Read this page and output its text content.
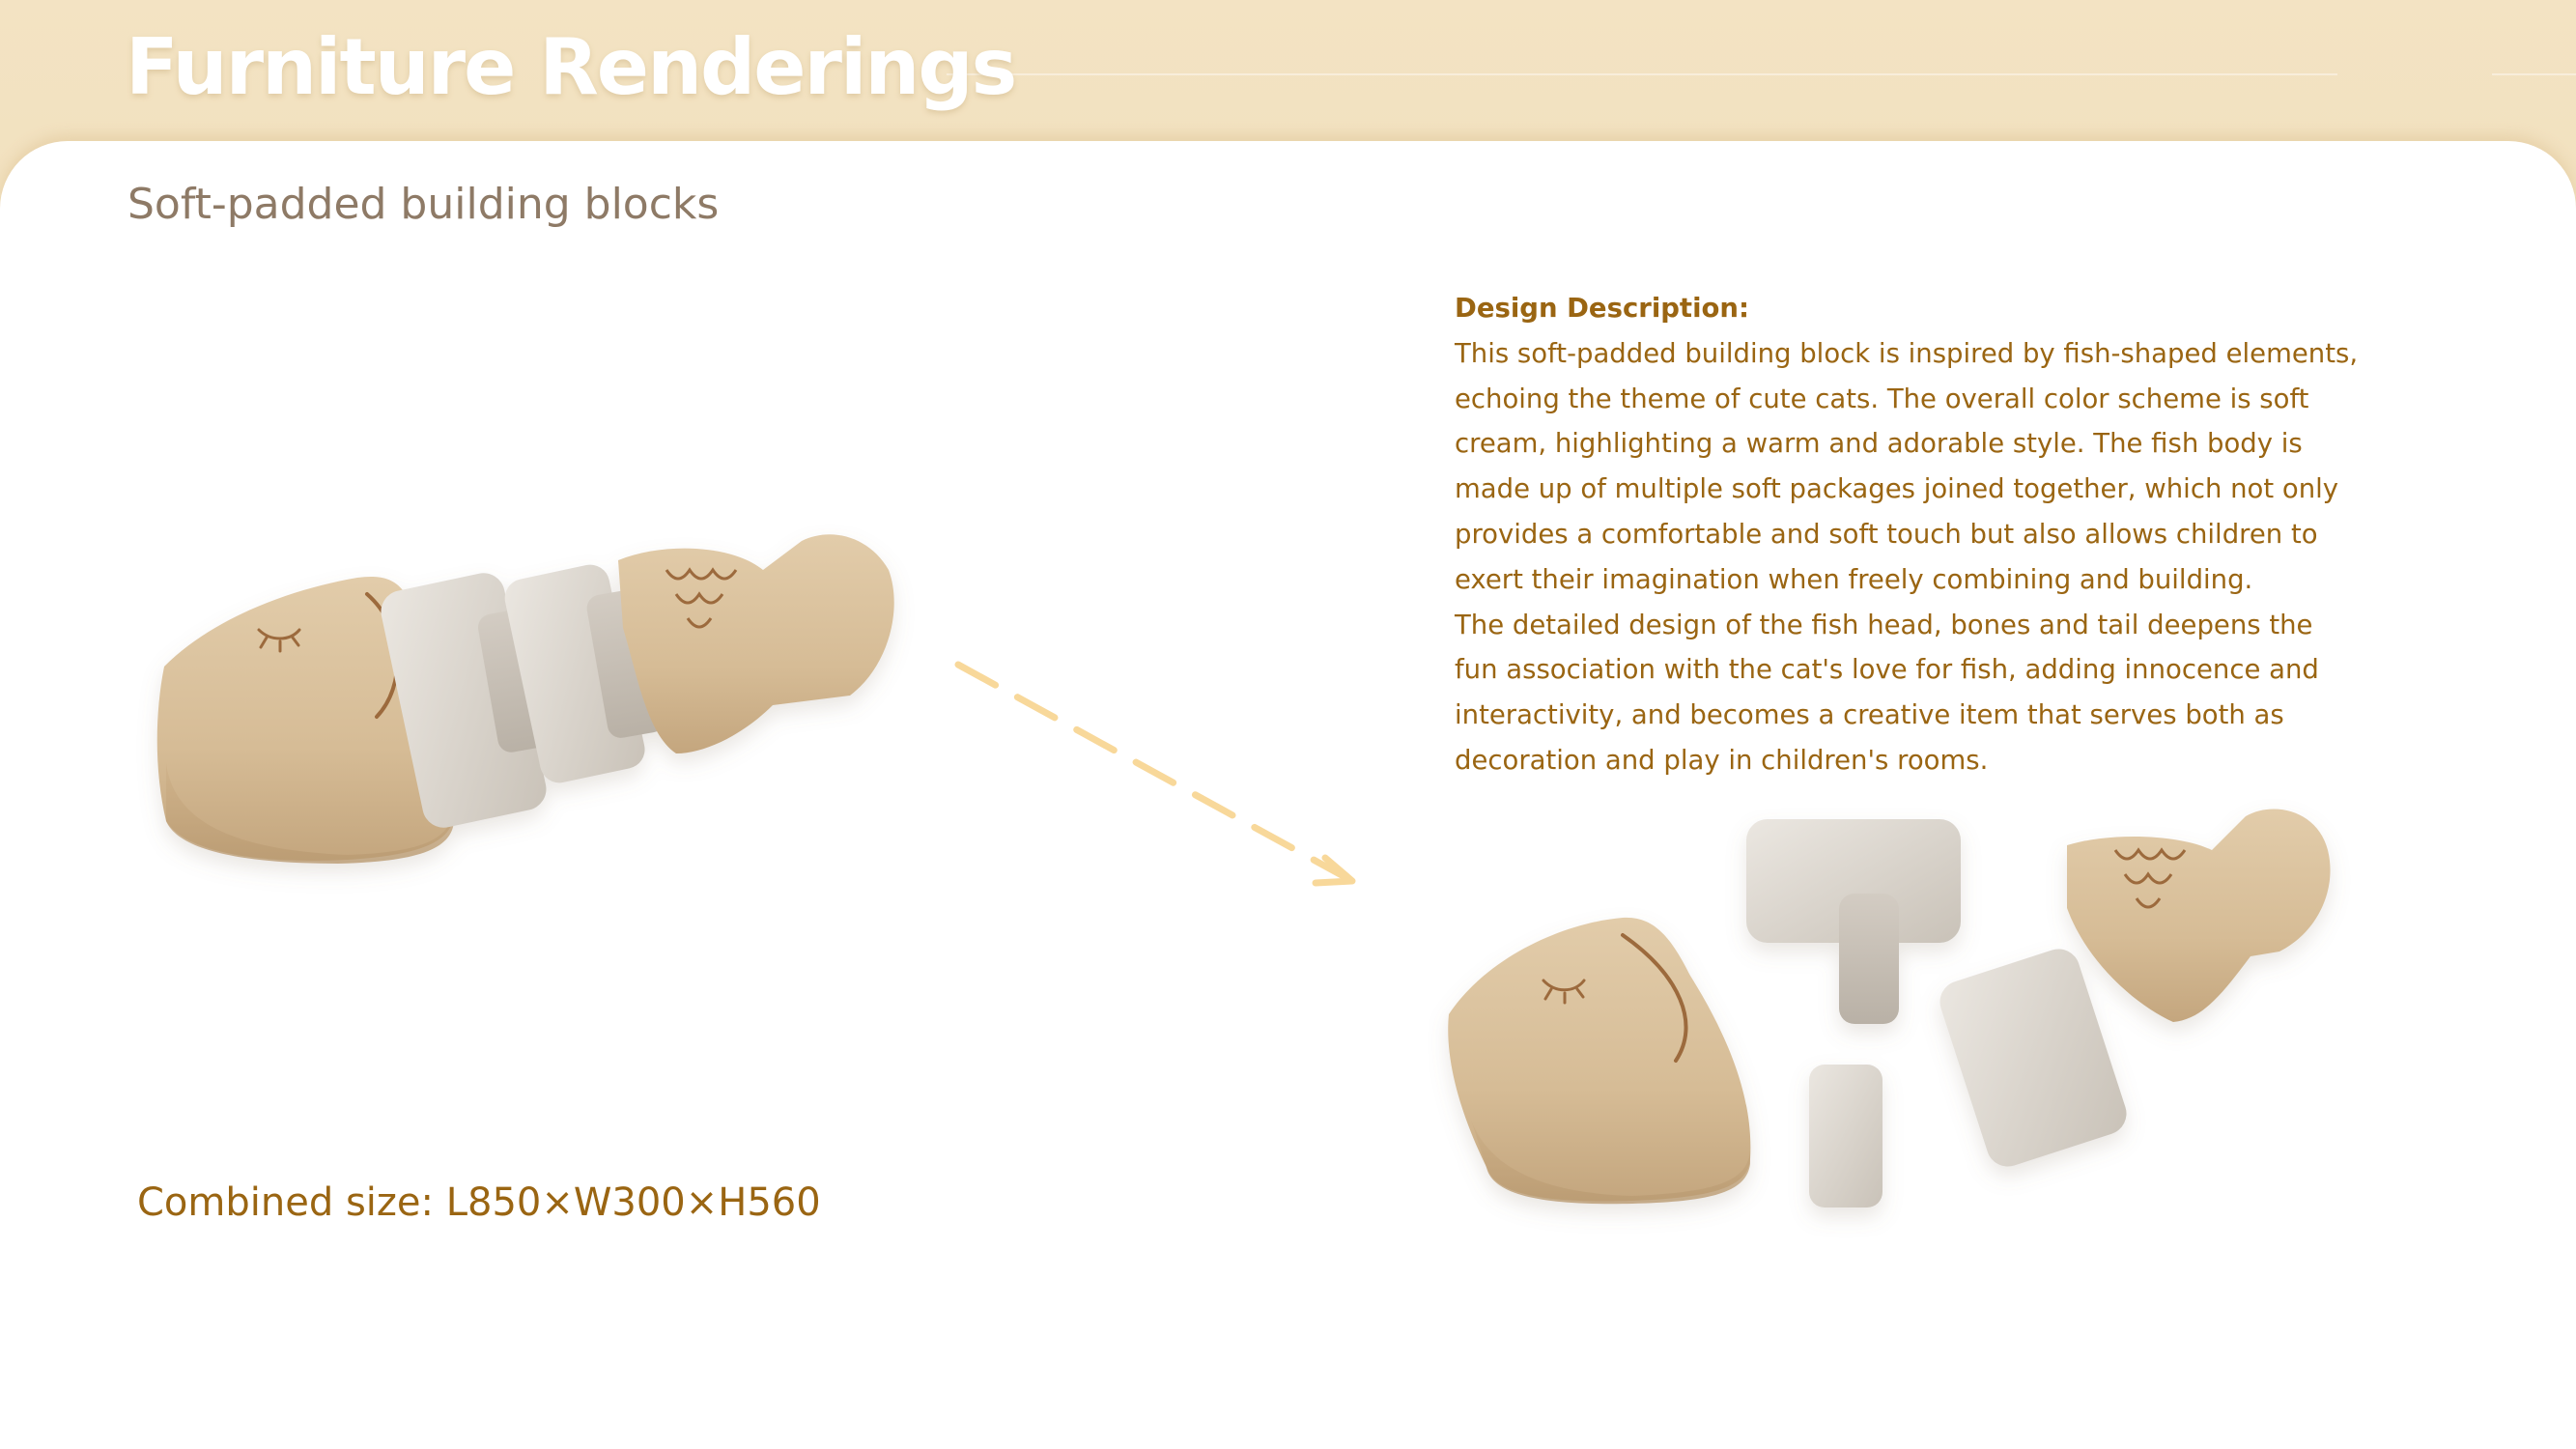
Furniture Renderings
Soft-padded building blocks
Design Description:
This soft-padded building block is inspired by fish-shaped elements, echoing the theme of cute cats. The overall color scheme is soft cream, highlighting a warm and adorable style. The fish body is made up of multiple soft packages joined together, which not only provides a comfortable and soft touch but also allows children to exert their imagination when freely combining and building.
The detailed design of the fish head, bones and tail deepens the fun association with the cat's love for fish, adding innocence and interactivity, and becomes a creative item that serves both as decoration and play in children's rooms.
Combined size: L850×W300×H560
